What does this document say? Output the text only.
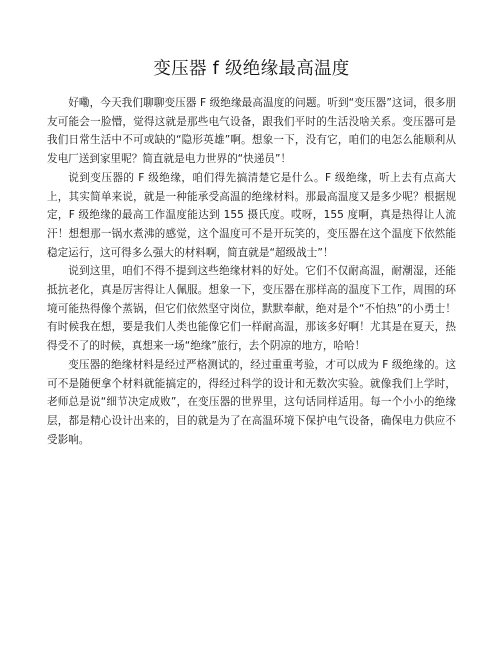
变压器 f 级绝缘最高温度

好嘞，今天我们聊聊变压器 F 级绝缘最高温度的问题。听到“变压器”这词，很多朋友可能会一脸懵，觉得这就是那些电气设备，跟我们平时的生活没啥关系。变压器可是我们日常生活中不可或缺的“隐形英雄”啊。想象一下，没有它，咱们的电怎么能顺利从发电厂送到家里呢？简直就是电力世界的“快递员”！

说到变压器的 F 级绝缘，咱们得先搞清楚它是什么。F 级绝缘，听上去有点高大上，其实简单来说，就是一种能承受高温的绝缘材料。那最高温度又是多少呢？根据规定，F 级绝缘的最高工作温度能达到 155 摄氏度。哎呀，155 度啊，真是热得让人流汗！想想那一锅水煮沸的感觉，这个温度可不是开玩笑的，变压器在这个温度下依然能稳定运行，这可得多么强大的材料啊，简直就是“超级战士”！

说到这里，咱们不得不提到这些绝缘材料的好处。它们不仅耐高温，耐潮湿，还能抵抗老化，真是厉害得让人佩服。想象一下，变压器在那样高的温度下工作，周围的环境可能热得像个蒸锅，但它们依然坚守岗位，默默奉献，绝对是个“不怕热”的小勇士！有时候我在想，要是我们人类也能像它们一样耐高温，那该多好啊！尤其是在夏天，热得受不了的时候，真想来一场“绝缘”旅行，去个阴凉的地方，哈哈！

变压器的绝缘材料是经过严格测试的，经过重重考验，才可以成为 F 级绝缘的。这可不是随便拿个材料就能搞定的，得经过科学的设计和无数次实验。就像我们上学时，老师总是说“细节决定成败”，在变压器的世界里，这句话同样适用。每一个小小的绝缘层，都是精心设计出来的，目的就是为了在高温环境下保护电气设备，确保电力供应不受影响。
